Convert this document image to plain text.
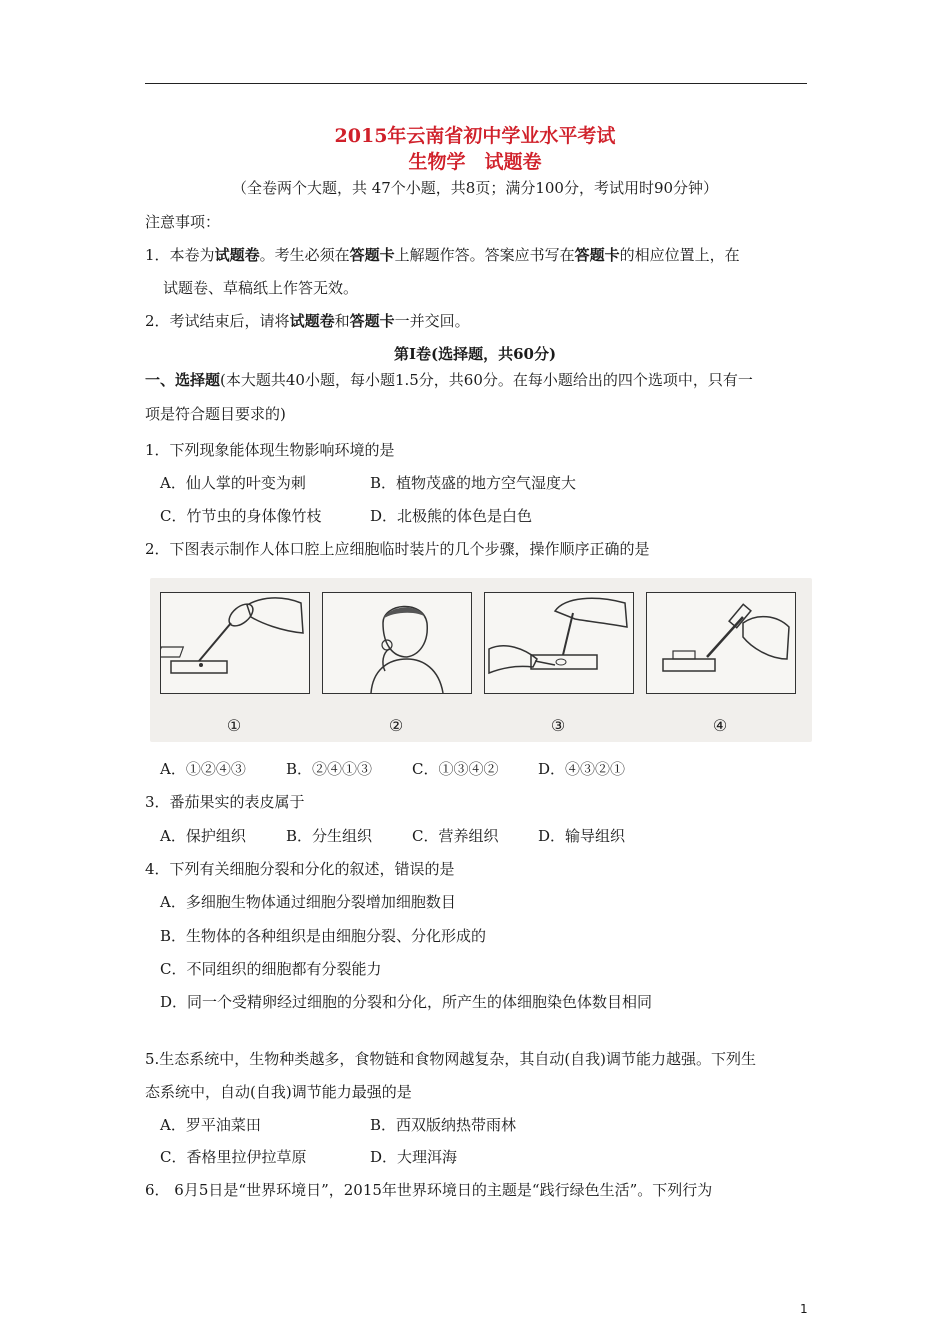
2015年云南省初中学业水平考试
生物学　试题卷
（全卷两个大题，共 47个小题，共8页；满分100分，考试用时90分钟）
注意事项：
1．本卷为试题卷。考生必须在答题卡上解题作答。答案应书写在答题卡的相应位置上，在
试题卷、草稿纸上作答无效。
2．考试结束后，请将试题卷和答题卡一并交回。
第Ⅰ卷(选择题，共60分)
一、选择题(本大题共40小题，每小题1.5分，共60分。在每小题给出的四个选项中，只有一
项是符合题目要求的)
1．下列现象能体现生物影响环境的是
A．仙人掌的叶变为刺	B．植物茂盛的地方空气湿度大
C．竹节虫的身体像竹枝	D．北极熊的体色是白色
2．下图表示制作人体口腔上应细胞临时装片的几个步骤，操作顺序正确的是
①	②	③	④
A．①②④③	B．②④①③	C．①③④②	D．④③②①
3．番茄果实的表皮属于
A．保护组织	B．分生组织	C．营养组织	D．输导组织
4．下列有关细胞分裂和分化的叙述，错误的是
A．多细胞生物体通过细胞分裂增加细胞数目
B．生物体的各种组织是由细胞分裂、分化形成的
C．不同组织的细胞都有分裂能力
D．同一个受精卵经过细胞的分裂和分化，所产生的体细胞染色体数目相同
5.生态系统中，生物种类越多，食物链和食物网越复杂，其自动(自我)调节能力越强。下列生
态系统中，自动(自我)调节能力最强的是
A．罗平油菜田	B．西双版纳热带雨林
C．香格里拉伊拉草原	D．大理洱海
6． 6月5日是“世界环境日”，2015年世界环境日的主题是“践行绿色生活”。下列行为
1
